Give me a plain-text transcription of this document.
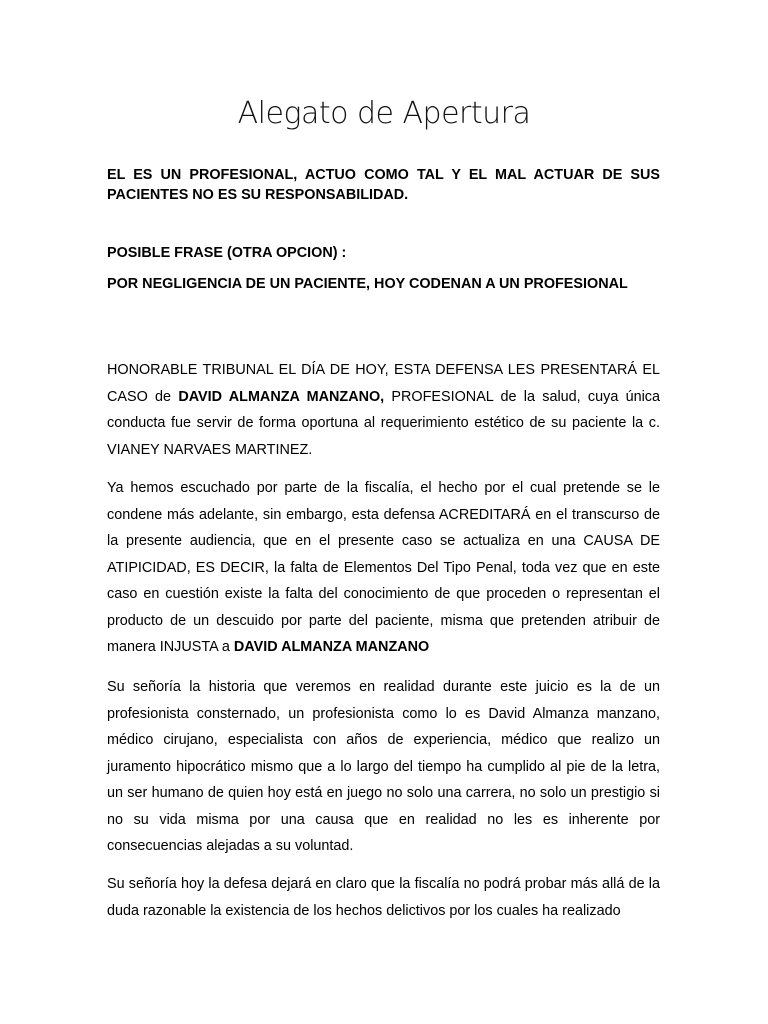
Alegato de Apertura
EL ES UN PROFESIONAL, ACTUO COMO TAL Y EL MAL ACTUAR DE SUS PACIENTES NO ES SU RESPONSABILIDAD.
POSIBLE FRASE (OTRA OPCION) :
POR NEGLIGENCIA DE UN PACIENTE, HOY CODENAN A UN PROFESIONAL
HONORABLE TRIBUNAL EL DÍA DE HOY, ESTA DEFENSA LES PRESENTARÁ EL CASO de DAVID ALMANZA MANZANO, PROFESIONAL de la salud, cuya única conducta fue servir de forma oportuna al requerimiento estético de su paciente la c. VIANEY NARVAES MARTINEZ.
Ya hemos escuchado por parte de la fiscalía, el hecho por el cual pretende se le condene más adelante, sin embargo, esta defensa ACREDITARÁ en el transcurso de la presente audiencia, que en el presente caso se actualiza en una CAUSA DE ATIPICIDAD, ES DECIR, la falta de Elementos Del Tipo Penal, toda vez que en este caso en cuestión existe la falta del conocimiento de que proceden o representan el producto de un descuido por parte del paciente, misma que pretenden atribuir de manera INJUSTA a DAVID ALMANZA MANZANO
Su señoría la historia que veremos en realidad durante este juicio es la de un profesionista consternado, un profesionista como lo es David Almanza manzano, médico cirujano, especialista con años de experiencia, médico que realizo un juramento hipocrático mismo que a lo largo del tiempo ha cumplido al pie de la letra, un ser humano de quien hoy está en juego no solo una carrera, no solo un prestigio si no su vida misma por una causa que en realidad no les es inherente por consecuencias alejadas a su voluntad.
Su señoría hoy la defesa dejará en claro que la fiscalía no podrá probar más allá de la duda razonable la existencia de los hechos delictivos por los cuales ha realizado
